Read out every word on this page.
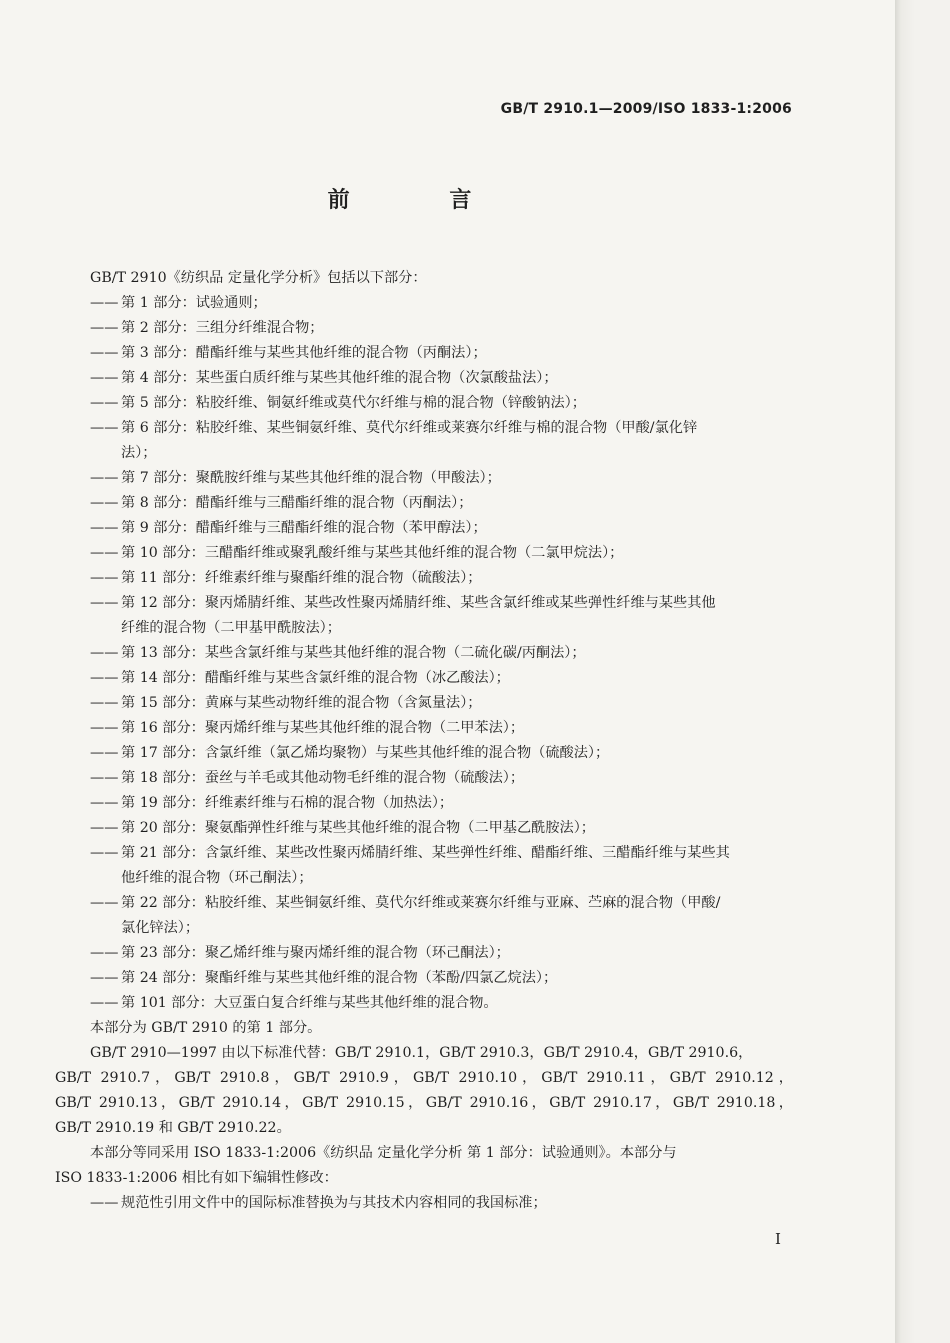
GB/T 2910.1—2009/ISO 1833-1:2006
前 言
GB/T 2910《纺织品 定量化学分析》包括以下部分：
—— 第 1 部分：试验通则；
—— 第 2 部分：三组分纤维混合物；
—— 第 3 部分：醋酯纤维与某些其他纤维的混合物（丙酮法）；
—— 第 4 部分：某些蛋白质纤维与某些其他纤维的混合物（次氯酸盐法）；
—— 第 5 部分：粘胶纤维、铜氨纤维或莫代尔纤维与棉的混合物（锌酸钠法）；
—— 第 6 部分：粘胶纤维、某些铜氨纤维、莫代尔纤维或莱赛尔纤维与棉的混合物（甲酸/氯化锌
法）；
—— 第 7 部分：聚酰胺纤维与某些其他纤维的混合物（甲酸法）；
—— 第 8 部分：醋酯纤维与三醋酯纤维的混合物（丙酮法）；
—— 第 9 部分：醋酯纤维与三醋酯纤维的混合物（苯甲醇法）；
—— 第 10 部分：三醋酯纤维或聚乳酸纤维与某些其他纤维的混合物（二氯甲烷法）；
—— 第 11 部分：纤维素纤维与聚酯纤维的混合物（硫酸法）；
—— 第 12 部分：聚丙烯腈纤维、某些改性聚丙烯腈纤维、某些含氯纤维或某些弹性纤维与某些其他
纤维的混合物（二甲基甲酰胺法）；
—— 第 13 部分：某些含氯纤维与某些其他纤维的混合物（二硫化碳/丙酮法）；
—— 第 14 部分：醋酯纤维与某些含氯纤维的混合物（冰乙酸法）；
—— 第 15 部分：黄麻与某些动物纤维的混合物（含氮量法）；
—— 第 16 部分：聚丙烯纤维与某些其他纤维的混合物（二甲苯法）；
—— 第 17 部分：含氯纤维（氯乙烯均聚物）与某些其他纤维的混合物（硫酸法）；
—— 第 18 部分：蚕丝与羊毛或其他动物毛纤维的混合物（硫酸法）；
—— 第 19 部分：纤维素纤维与石棉的混合物（加热法）；
—— 第 20 部分：聚氨酯弹性纤维与某些其他纤维的混合物（二甲基乙酰胺法）；
—— 第 21 部分：含氯纤维、某些改性聚丙烯腈纤维、某些弹性纤维、醋酯纤维、三醋酯纤维与某些其
他纤维的混合物（环己酮法）；
—— 第 22 部分：粘胶纤维、某些铜氨纤维、莫代尔纤维或莱赛尔纤维与亚麻、苎麻的混合物（甲酸/
氯化锌法）；
—— 第 23 部分：聚乙烯纤维与聚丙烯纤维的混合物（环己酮法）；
—— 第 24 部分：聚酯纤维与某些其他纤维的混合物（苯酚/四氯乙烷法）；
—— 第 101 部分：大豆蛋白复合纤维与某些其他纤维的混合物。
本部分为 GB/T 2910 的第 1 部分。
GB/T 2910—1997 由以下标准代替：GB/T 2910.1，GB/T 2910.3，GB/T 2910.4，GB/T 2910.6，
GB/T 2910.7，GB/T 2910.8，GB/T 2910.9，GB/T 2910.10，GB/T 2910.11，GB/T 2910.12，
GB/T 2910.13，GB/T 2910.14，GB/T 2910.15，GB/T 2910.16，GB/T 2910.17，GB/T 2910.18，
GB/T 2910.19 和 GB/T 2910.22。
本部分等同采用 ISO 1833-1:2006《纺织品 定量化学分析 第 1 部分：试验通则》。本部分与
ISO 1833-1:2006 相比有如下编辑性修改：
—— 规范性引用文件中的国际标准替换为与其技术内容相同的我国标准；
I
